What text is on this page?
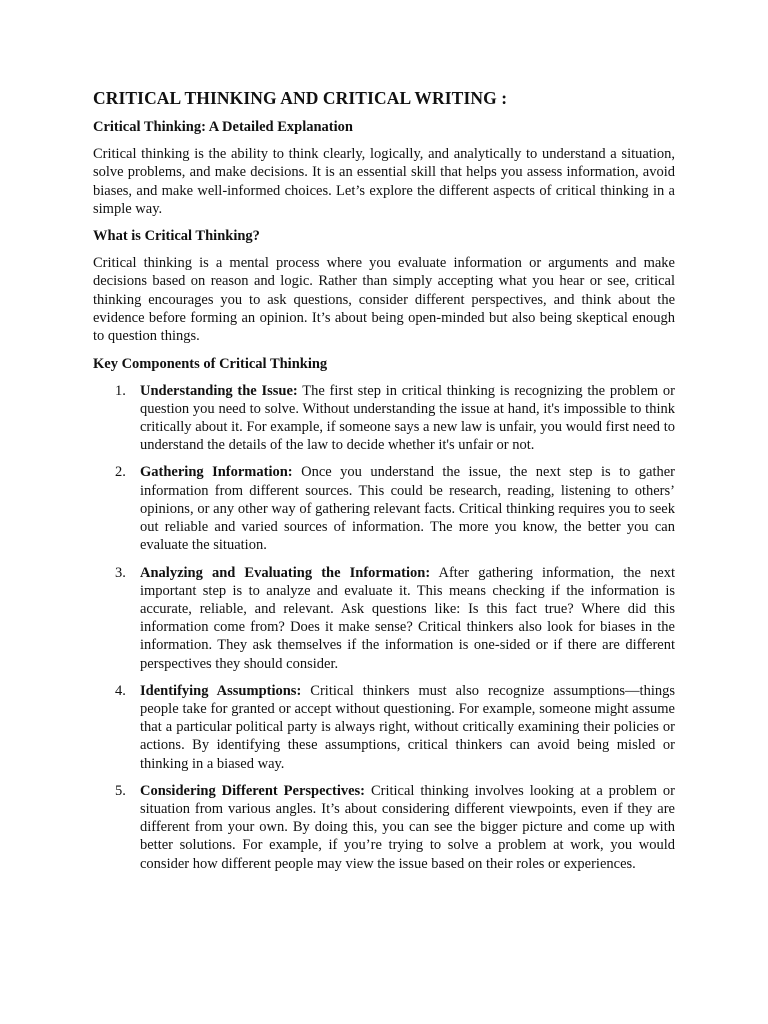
CRITICAL THINKING AND CRITICAL WRITING :
Critical Thinking: A Detailed Explanation

Critical thinking is the ability to think clearly, logically, and analytically to understand a situation, solve problems, and make decisions. It is an essential skill that helps you assess information, avoid biases, and make well-informed choices. Let’s explore the different aspects of critical thinking in a simple way.

What is Critical Thinking?

Critical thinking is a mental process where you evaluate information or arguments and make decisions based on reason and logic. Rather than simply accepting what you hear or see, critical thinking encourages you to ask questions, consider different perspectives, and think about the evidence before forming an opinion. It’s about being open-minded but also being skeptical enough to question things.

Key Components of Critical Thinking
1. Understanding the Issue: The first step in critical thinking is recognizing the problem or question you need to solve. Without understanding the issue at hand, it's impossible to think critically about it. For example, if someone says a new law is unfair, you would first need to understand the details of the law to decide whether it's unfair or not.
2. Gathering Information: Once you understand the issue, the next step is to gather information from different sources. This could be research, reading, listening to others’ opinions, or any other way of gathering relevant facts. Critical thinking requires you to seek out reliable and varied sources of information. The more you know, the better you can evaluate the situation.
3. Analyzing and Evaluating the Information: After gathering information, the next important step is to analyze and evaluate it. This means checking if the information is accurate, reliable, and relevant. Ask questions like: Is this fact true? Where did this information come from? Does it make sense? Critical thinkers also look for biases in the information. They ask themselves if the information is one-sided or if there are different perspectives they should consider.
4. Identifying Assumptions: Critical thinkers must also recognize assumptions—things people take for granted or accept without questioning. For example, someone might assume that a particular political party is always right, without critically examining their policies or actions. By identifying these assumptions, critical thinkers can avoid being misled or thinking in a biased way.
5. Considering Different Perspectives: Critical thinking involves looking at a problem or situation from various angles. It’s about considering different viewpoints, even if they are different from your own. By doing this, you can see the bigger picture and come up with better solutions. For example, if you’re trying to solve a problem at work, you would consider how different people may view the issue based on their roles or experiences.
